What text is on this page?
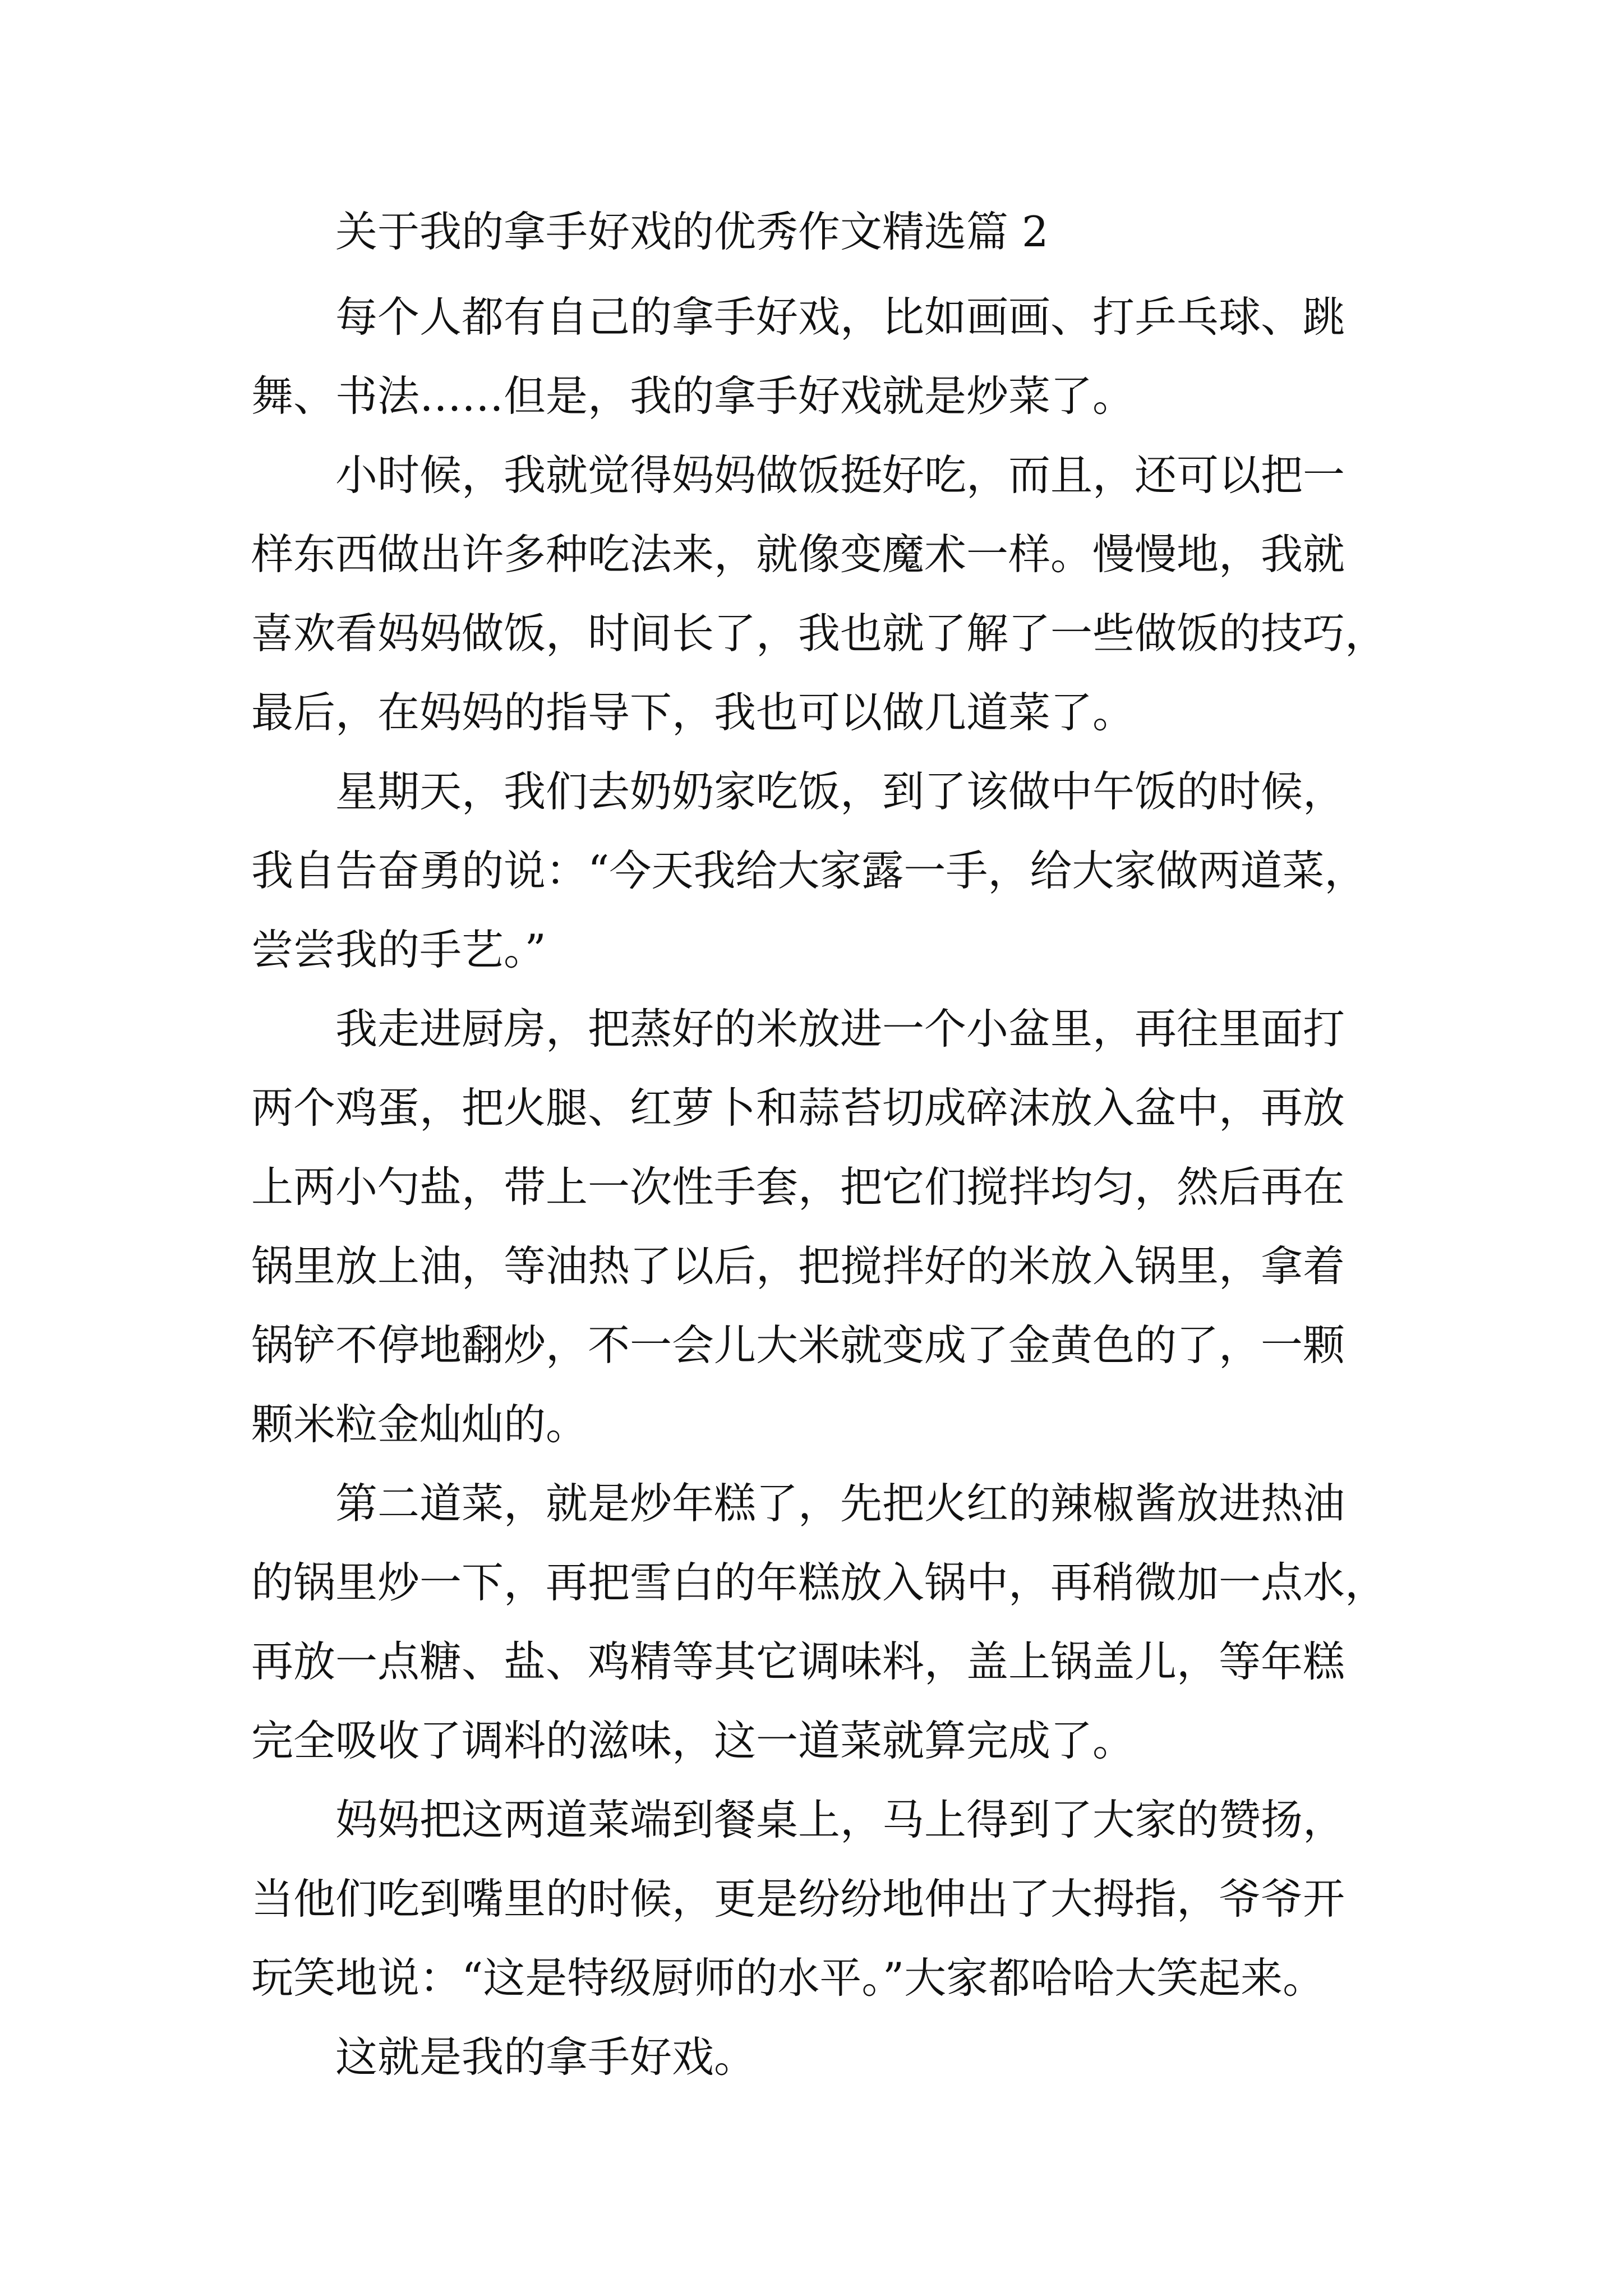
关于我的拿手好戏的优秀作文精选篇 2
每个人都有自己的拿手好戏，比如画画、打乒乓球、跳
舞、书法……但是，我的拿手好戏就是炒菜了。
小时候，我就觉得妈妈做饭挺好吃，而且，还可以把一
样东西做出许多种吃法来，就像变魔术一样。慢慢地，我就
喜欢看妈妈做饭，时间长了，我也就了解了一些做饭的技巧，
最后，在妈妈的指导下，我也可以做几道菜了。
星期天，我们去奶奶家吃饭，到了该做中午饭的时候，
我自告奋勇的说：“今天我给大家露一手，给大家做两道菜，
尝尝我的手艺。”
我走进厨房，把蒸好的米放进一个小盆里，再往里面打
两个鸡蛋，把火腿、红萝卜和蒜苔切成碎沫放入盆中，再放
上两小勺盐，带上一次性手套，把它们搅拌均匀，然后再在
锅里放上油，等油热了以后，把搅拌好的米放入锅里，拿着
锅铲不停地翻炒，不一会儿大米就变成了金黄色的了，一颗
颗米粒金灿灿的。
第二道菜，就是炒年糕了，先把火红的辣椒酱放进热油
的锅里炒一下，再把雪白的年糕放入锅中，再稍微加一点水，
再放一点糖、盐、鸡精等其它调味料，盖上锅盖儿，等年糕
完全吸收了调料的滋味，这一道菜就算完成了。
妈妈把这两道菜端到餐桌上，马上得到了大家的赞扬，
当他们吃到嘴里的时候，更是纷纷地伸出了大拇指，爷爷开
玩笑地说：“这是特级厨师的水平。”大家都哈哈大笑起来。
这就是我的拿手好戏。
